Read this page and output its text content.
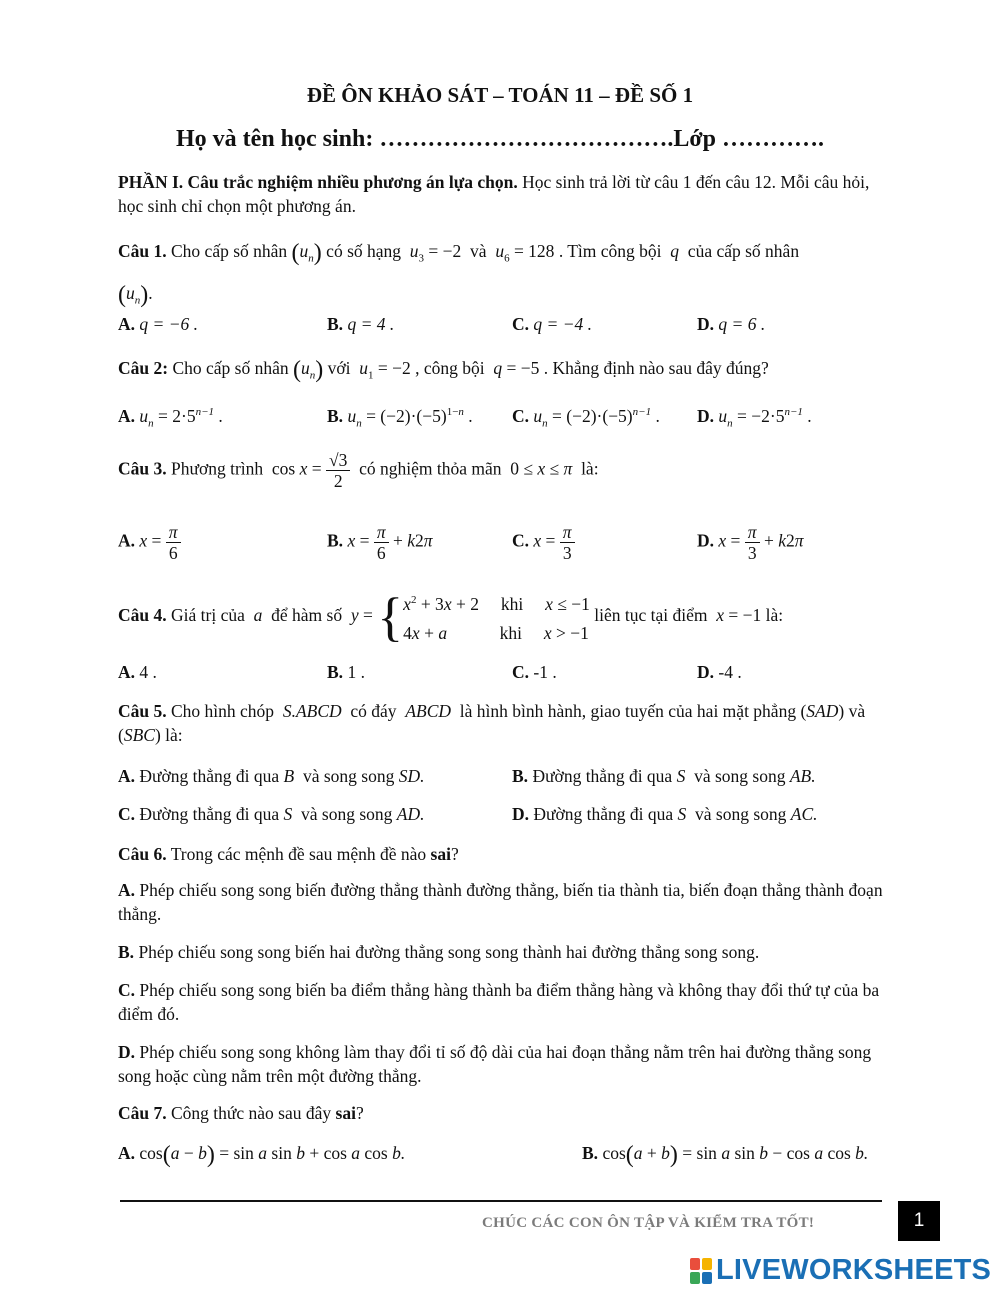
ĐỀ ÔN KHẢO SÁT – TOÁN 11 – ĐỀ SỐ 1
Họ và tên học sinh: ……………………………….Lớp ………….
PHẦN I. Câu trắc nghiệm nhiều phương án lựa chọn. Học sinh trả lời từ câu 1 đến câu 12. Mỗi câu hỏi, học sinh chỉ chọn một phương án.
Câu 1. Cho cấp số nhân $(u_n)$ có số hạng $u_3 = -2$  và $u_6 = 128$ . Tìm công bội q của cấp số nhân
$(u_n)$.
A. q = −6 .	B. q = 4 .	C. q = −4 .	D. q = 6 .
Câu 2: Cho cấp số nhân $(u_n)$ với $u_1 = -2$ , công bội q = −5 . Khẳng định nào sau đây đúng?
A. $u_n = 2\cdot 5^{n-1}$ .	B. $u_n = (-2)\cdot(-5)^{1-n}$ . C. $u_n = (-2)\cdot(-5)^{n-1}$ . D. $u_n = -2\cdot 5^{n-1}$ .
Câu 3. Phương trình  $\cos x = \frac{√3}{2}$ có nghiệm thỏa mãn  0 ≤ x ≤ π là:
A. $x = \frac{\pi}{6}$	B. $x = \frac{\pi}{6} + k2\pi$	C. $x = \frac{\pi}{3}$	D. $x = \frac{\pi}{3} + k2\pi$
Câu 4. Giá trị của a để hàm số y = { $x^2 + 3x + 2$     khi x ≤ −1
4x + a	khi x > −1
liên tục tại điểm x = −1 là:
A. 4 .	B. 1 .	C. -1 .	D. -4 .
Câu 5. Cho hình chóp S.ABCD có đáy ABCD là hình bình hành, giao tuyến của hai mặt phẳng (SAD) và (SBC) là:
A. Đường thẳng đi qua B và song song SD.	B. Đường thẳng đi qua S và song song AB.
C. Đường thẳng đi qua S và song song AD.	D. Đường thẳng đi qua S và song song AC.
Câu 6. Trong các mệnh đề sau mệnh đề nào sai?
A. Phép chiếu song song biến đường thẳng thành đường thẳng, biến tia thành tia, biến đoạn thẳng thành đoạn thẳng.
B. Phép chiếu song song biến hai đường thẳng song song thành hai đường thẳng song song.
C. Phép chiếu song song biến ba điểm thẳng hàng thành ba điểm thẳng hàng và không thay đổi thứ tự của ba điểm đó.
D. Phép chiếu song song không làm thay đổi tỉ số độ dài của hai đoạn thẳng nằm trên hai đường thẳng song song hoặc cùng nằm trên một đường thẳng.
Câu 7. Công thức nào sau đây sai?
A. cos(a − b) = sin a sin b + cos a cos b.	B. cos(a + b) = sin a sin b − cos a cos b.
CHÚC CÁC CON ÔN TẬP VÀ KIỂM TRA TỐT!	1
LIVEWORKSHEETS
